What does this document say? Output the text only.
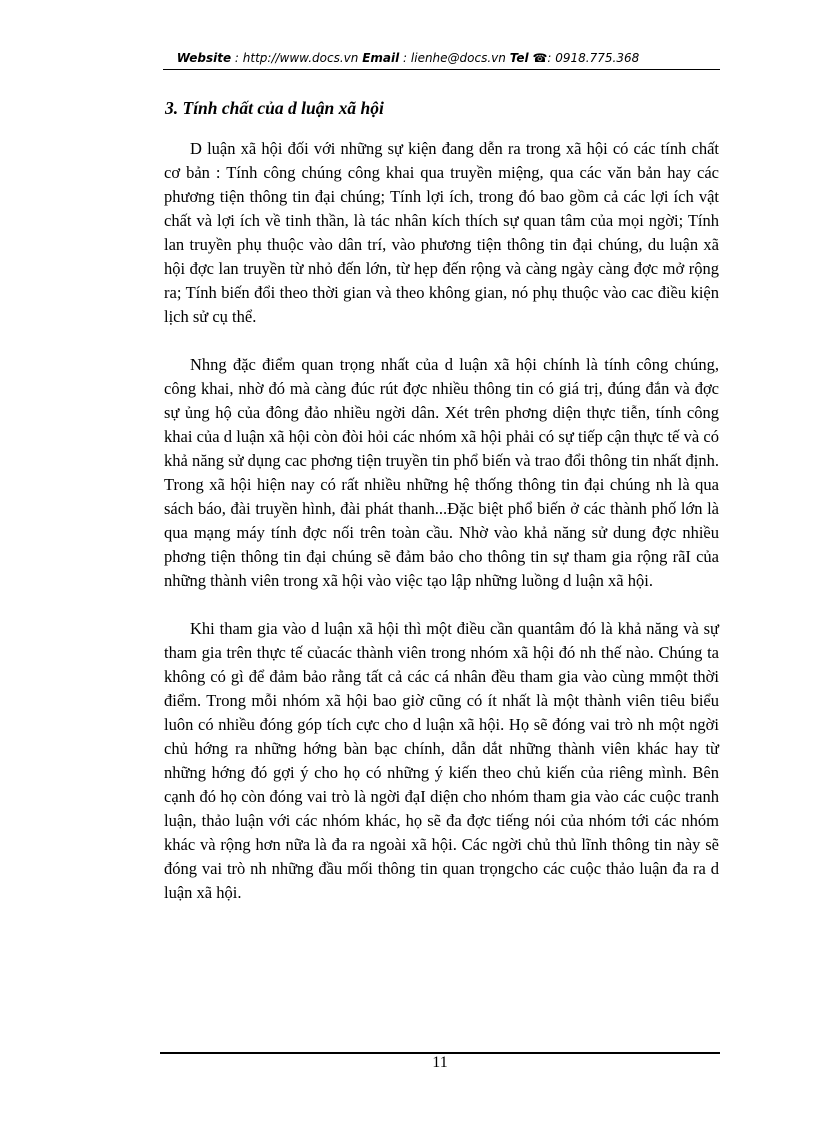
Website : http://www.docs.vn Email : lienhe@docs.vn Tel ☎: 0918.775.368
3. Tính chất của d luận xã hội

D luận xã hội đối với những sự kiện đang dễn ra trong xã hội có các tính chất cơ bản : Tính công chúng công khai qua truyền miệng, qua các văn bản hay các phương tiện thông tin đại chúng; Tính lợi ích, trong đó bao gồm cả các lợi ích vật chất và lợi ích về tinh thần, là tác nhân kích thích sự quan tâm của mọi ngời; Tính lan truyền phụ thuộc vào dân trí, vào phương tiện thông tin đại chúng, du luận xã hội đợc lan truyền từ nhỏ đến lớn, từ hẹp đến rộng và càng ngày càng đợc mở rộng ra; Tính biến đổi theo thời gian và theo không gian, nó phụ thuộc vào cac điều kiện lịch sử cụ thể.

Nhng đặc điểm quan trọng nhất của d luận xã hội chính là tính công chúng, công khai, nhờ đó mà càng đúc rút đợc nhiều thông tin có giá trị, đúng đắn và đợc sự ủng hộ của đông đảo nhiều ngời dân. Xét trên phơng diện thực tiễn, tính công khai của d luận xã hội còn đòi hỏi các nhóm xã hội phải có sự tiếp cận thực tế và có khả năng sử dụng cac phơng tiện truyền tin phổ biến và trao đổi thông tin nhất định. Trong xã hội hiện nay có rất nhiều những hệ thống thông tin đại chúng nh là qua sách báo, đài truyền hình, đài phát thanh...Đặc biệt phổ biến ở các thành phố lớn là qua mạng máy tính đợc nối trên toàn cầu. Nhờ vào khả năng sử dung đợc nhiều phơng tiện thông tin đại chúng sẽ đảm bảo cho thông tin sự tham gia rộng rãI của những thành viên trong xã hội vào việc tạo lập những luồng d luận xã hội.

Khi tham gia vào d luận xã hội thì một điều cần quantâm đó là khả năng và sự tham gia trên thực tế củacác thành viên trong nhóm xã hội đó nh thế nào. Chúng ta không có gì để đảm bảo rằng tất cả các cá nhân đều tham gia vào cùng mmột thời điểm. Trong mỗi nhóm xã hội bao giờ cũng có ít nhất là một thành viên tiêu biểu luôn có nhiều đóng góp tích cực cho d luận xã hội. Họ sẽ đóng vai trò nh một ngời chủ hớng ra những hớng bàn bạc chính, dẫn dắt những thành viên khác hay từ những hớng đó gợi ý cho họ có những ý kiến theo chủ kiến của riêng mình. Bên cạnh đó họ còn đóng vai trò là ngời đạI diện cho nhóm tham gia vào các cuộc tranh luận, thảo luận với các nhóm khác, họ sẽ đa đợc tiếng nói của nhóm tới các nhóm khác và rộng hơn nữa là đa ra ngoài xã hội. Các ngời chủ thủ lĩnh thông tin này sẽ đóng vai trò nh những đầu mối thông tin quan trọngcho các cuộc thảo luận đa ra d luận xã hội.

11
